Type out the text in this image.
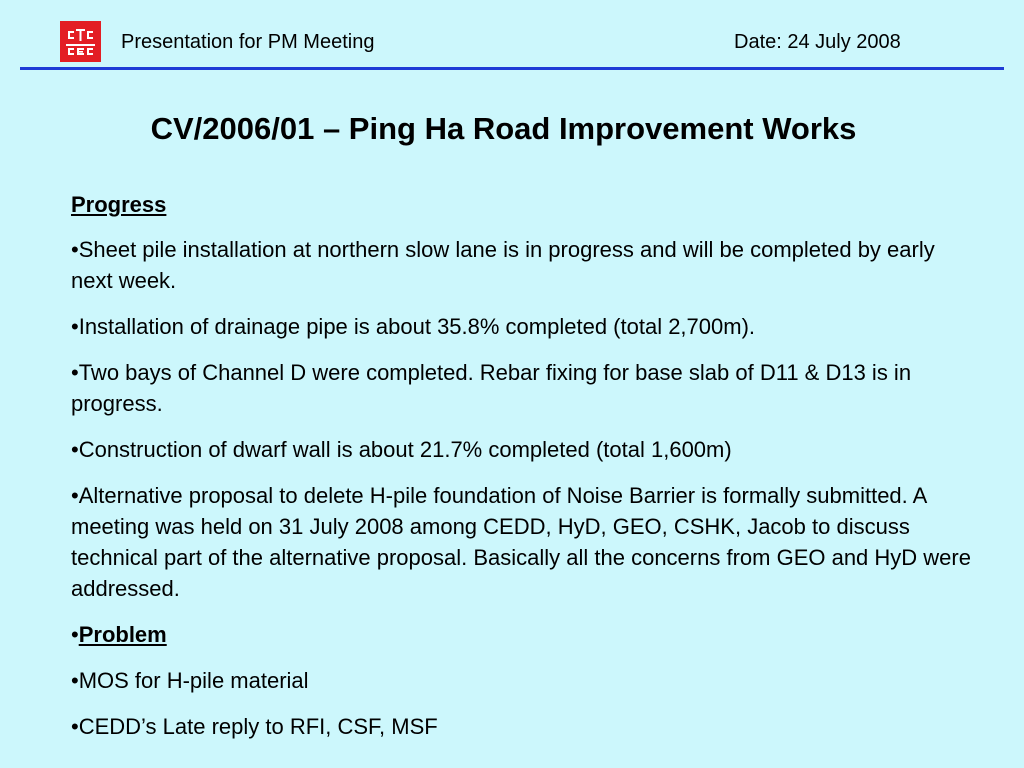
Presentation for PM Meeting	Date: 24 July 2008
CV/2006/01 – Ping Ha Road Improvement Works

Progress

•Sheet pile installation at northern slow lane is in progress and will be completed by early next week.

•Installation of drainage pipe is about 35.8% completed (total 2,700m).

•Two bays of Channel D were completed. Rebar fixing for base slab of D11 & D13 is in progress.

•Construction of dwarf wall is about 21.7% completed (total 1,600m)

•Alternative proposal to delete H-pile foundation of Noise Barrier is formally submitted. A meeting was held on 31 July 2008 among CEDD, HyD, GEO, CSHK, Jacob to discuss technical part of the alternative proposal. Basically all the concerns from GEO and HyD were addressed.

•Problem

•MOS for H-pile material

•CEDD’s Late reply to RFI, CSF, MSF
